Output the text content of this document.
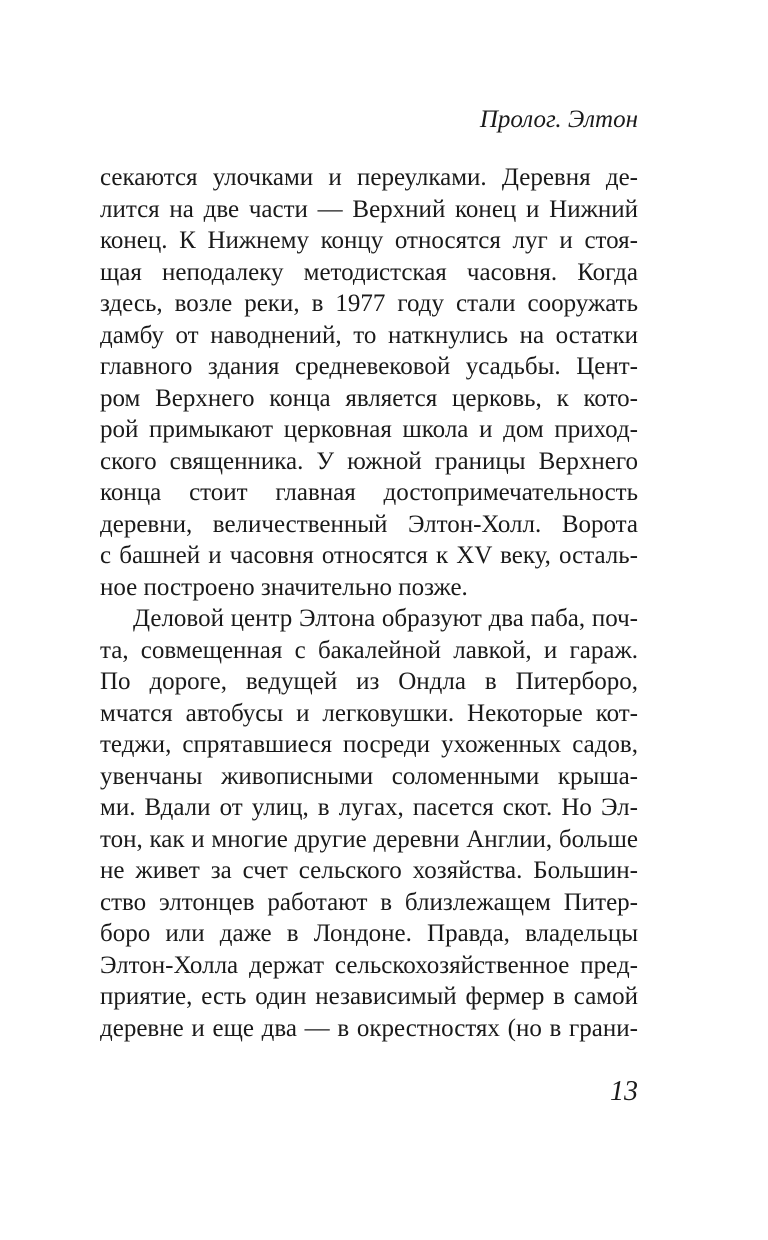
Пролог. Элтон
секаются улочками и переулками. Деревня де-
лится на две части — Верхний конец и Нижний
конец. К Нижнему концу относятся луг и стоя-
щая неподалеку методистская часовня. Когда
здесь, возле реки, в 1977 году стали сооружать
дамбу от наводнений, то наткнулись на остатки
главного здания средневековой усадьбы. Цент-
ром Верхнего конца является церковь, к кото-
рой примыкают церковная школа и дом приход-
ского священника. У южной границы Верхнего
конца стоит главная достопримечательность
деревни, величественный Элтон-Холл. Ворота
с башней и часовня относятся к XV веку, осталь-
ное построено значительно позже.
Деловой центр Элтона образуют два паба, поч-
та, совмещенная с бакалейной лавкой, и гараж.
По дороге, ведущей из Ондла в Питерборо,
мчатся автобусы и легковушки. Некоторые кот-
теджи, спрятавшиеся посреди ухоженных садов,
увенчаны живописными соломенными крыша-
ми. Вдали от улиц, в лугах, пасется скот. Но Эл-
тон, как и многие другие деревни Англии, больше
не живет за счет сельского хозяйства. Большин-
ство элтонцев работают в близлежащем Питер-
боро или даже в Лондоне. Правда, владельцы
Элтон-Холла держат сельскохозяйственное пред-
приятие, есть один независимый фермер в самой
деревне и еще два — в окрестностях (но в грани-
13
